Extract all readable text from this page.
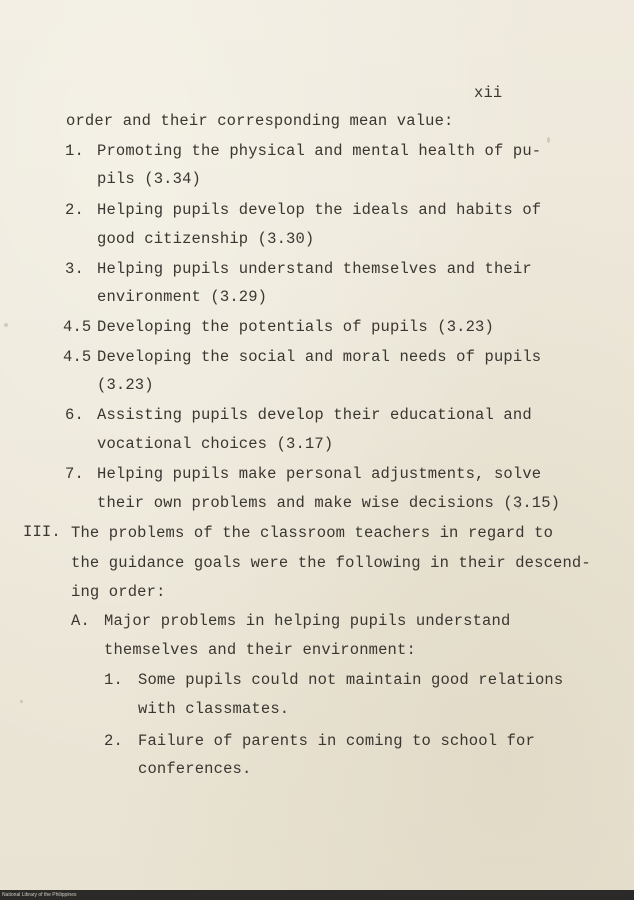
xii
order and their corresponding mean value:
1. Promoting the physical and mental health of pu-
pils (3.34)
2. Helping pupils develop the ideals and habits of
good citizenship (3.30)
3. Helping pupils understand themselves and their
environment (3.29)
4.5 Developing the potentials of pupils (3.23)
4.5 Developing the social and moral needs of pupils
(3.23)
6. Assisting pupils develop their educational and
vocational choices (3.17)
7. Helping pupils make personal adjustments, solve
their own problems and make wise decisions (3.15)
III. The problems of the classroom teachers in regard to
the guidance goals were the following in their descend-
ing order:
A. Major problems in helping pupils understand
themselves and their environment:
1. Some pupils could not maintain good relations
with classmates.
2. Failure of parents in coming to school for
conferences.
National Library of the Philippines
